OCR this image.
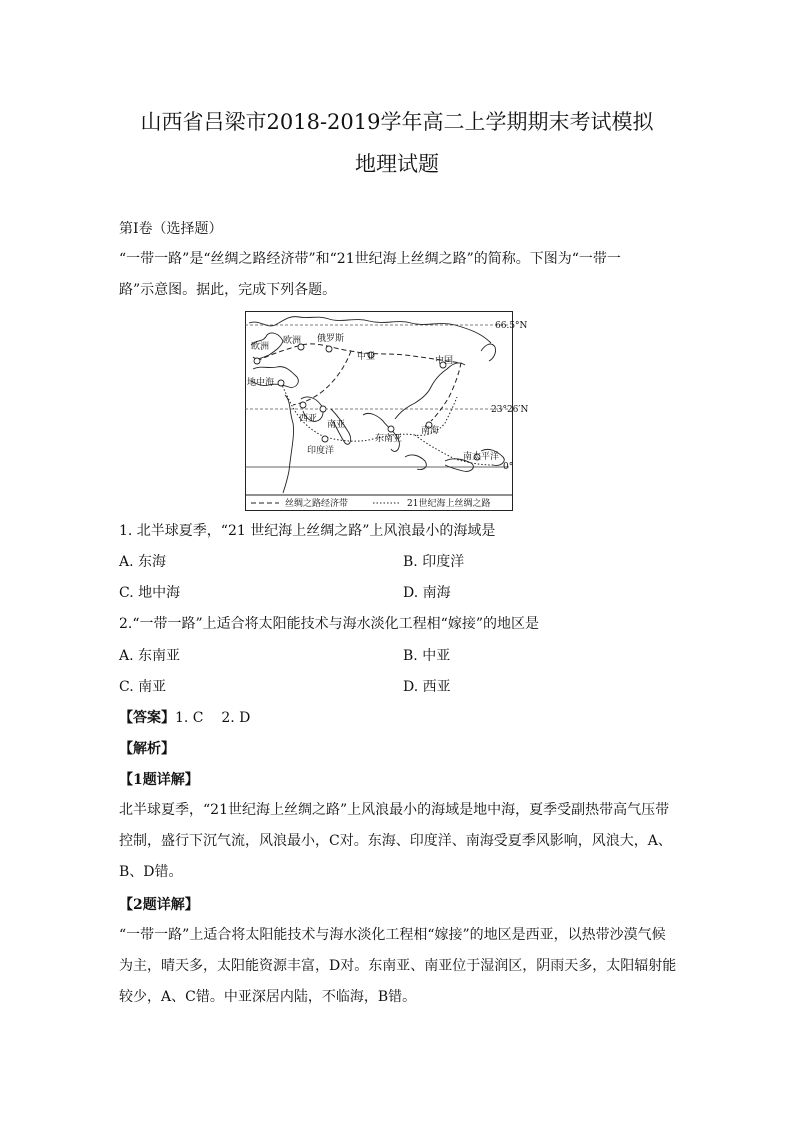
山西省吕梁市2018-2019学年高二上学期期末考试模拟
地理试题
第Ⅰ卷（选择题）
“一带一路”是“丝绸之路经济带”和“21世纪海上丝绸之路”的简称。下图为“一带一
路”示意图。据此，完成下列各题。
66.5°N
23°26′N
0°
欧洲
欧洲 俄罗斯
中亚	中国
地中海
西亚
南亚
东南亚
南海
印度洋
南太平洋
丝绸之路经济带	21世纪海上丝绸之路
1. 北半球夏季，“21 世纪海上丝绸之路”上风浪最小的海域是
A. 东海	B. 印度洋
C. 地中海	D. 南海
2.“一带一路”上适合将太阳能技术与海水淡化工程相“嫁接”的地区是
A. 东南亚	B. 中亚
C. 南亚	D. 西亚
【答案】1. C    2. D
【解析】
【1题详解】
北半球夏季，“21世纪海上丝绸之路”上风浪最小的海域是地中海，夏季受副热带高气压带控制，盛行下沉气流，风浪最小，C对。东海、印度洋、南海受夏季风影响，风浪大，A、B、D错。
【2题详解】
“一带一路”上适合将太阳能技术与海水淡化工程相“嫁接”的地区是西亚，以热带沙漠气候为主，晴天多，太阳能资源丰富，D对。东南亚、南亚位于湿润区，阴雨天多，太阳辐射能较少，A、C错。中亚深居内陆，不临海，B错。
